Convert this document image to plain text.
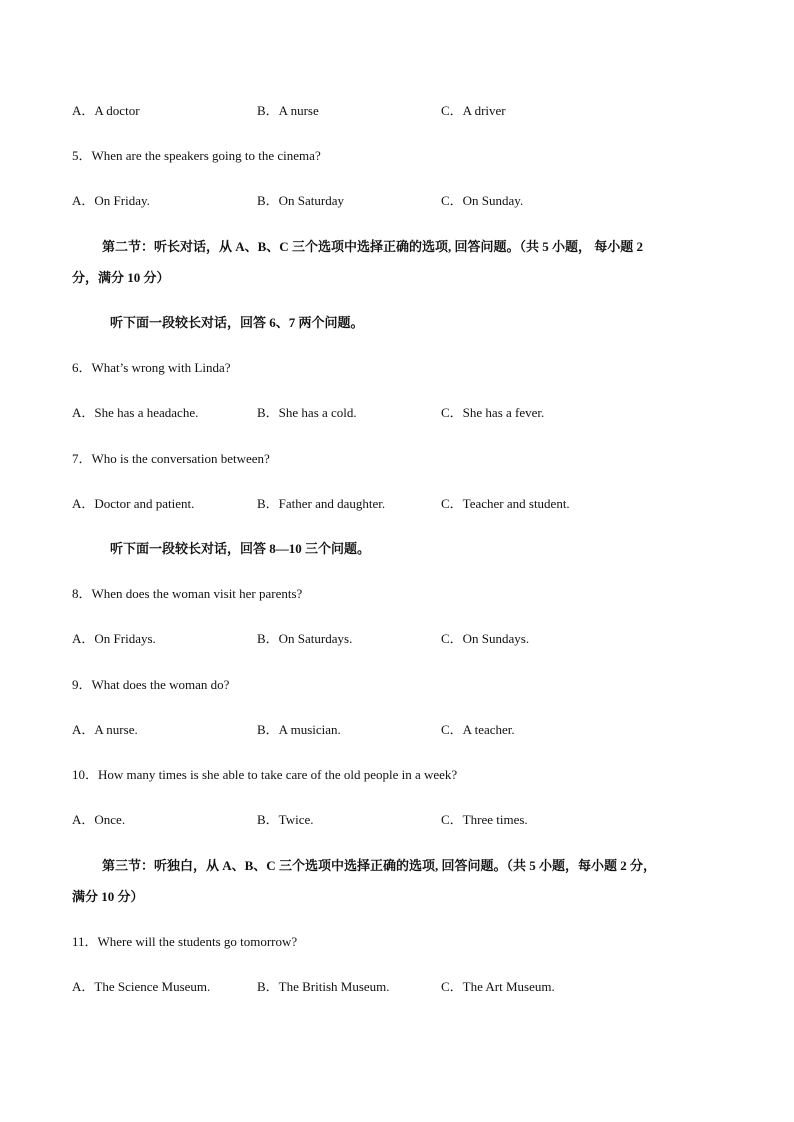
A．A doctor	B．A nurse	C．A driver
5．When are the speakers going to the cinema?
A．On Friday.	B．On Saturday	C．On Sunday.
第二节：听长对话，从 A、B、C 三个选项中选择正确的选项, 回答问题。（共 5 小题， 每小题 2
分，满分 10 分）
听下面一段较长对话，回答 6、7 两个问题。
6．What’s wrong with Linda?
A．She has a headache.	B．She has a cold.	C．She has a fever.
7．Who is the conversation between?
A．Doctor and patient.	B．Father and daughter.	C．Teacher and student.
听下面一段较长对话，回答 8—10 三个问题。
8．When does the woman visit her parents?
A．On Fridays.	B．On Saturdays.	C．On Sundays.
9．What does the woman do?
A．A nurse.	B．A musician.	C．A teacher.
10．How many times is she able to take care of the old people in a week?
A．Once.	B．Twice.	C．Three times.
第三节：听独白，从 A、B、C 三个选项中选择正确的选项, 回答问题。（共 5 小题，每小题 2 分，
满分 10 分）
11．Where will the students go tomorrow?
A．The Science Museum.	B．The British Museum.	C．The Art Museum.
